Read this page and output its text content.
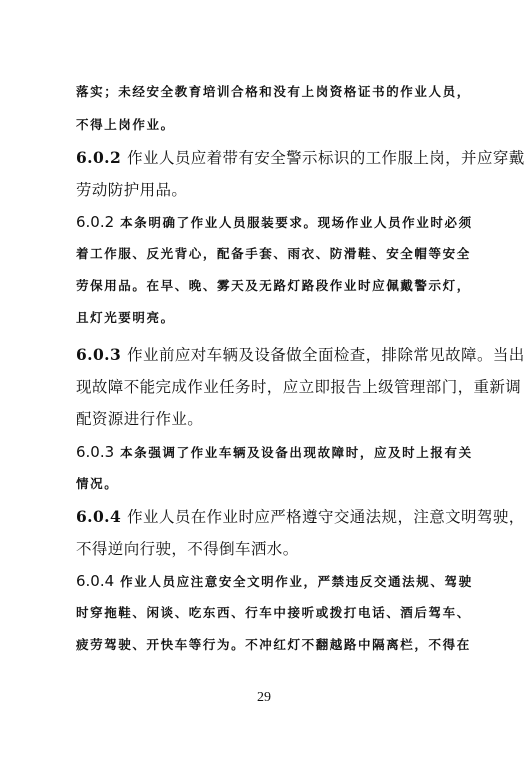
落实；未经安全教育培训合格和没有上岗资格证书的作业人员，

不得上岗作业。

6.0.2 作业人员应着带有安全警示标识的工作服上岗，并应穿戴

劳动防护用品。

6.0.2 本条明确了作业人员服装要求。现场作业人员作业时必须

着工作服、反光背心，配备手套、雨衣、防滑鞋、安全帽等安全

劳保用品。在早、晚、雾天及无路灯路段作业时应佩戴警示灯，

且灯光要明亮。

6.0.3 作业前应对车辆及设备做全面检查，排除常见故障。当出

现故障不能完成作业任务时，应立即报告上级管理部门，重新调

配资源进行作业。

6.0.3 本条强调了作业车辆及设备出现故障时，应及时上报有关

情况。

6.0.4 作业人员在作业时应严格遵守交通法规，注意文明驾驶，

不得逆向行驶，不得倒车洒水。

6.0.4 作业人员应注意安全文明作业，严禁违反交通法规、驾驶

时穿拖鞋、闲谈、吃东西、行车中接听或拨打电话、酒后驾车、

疲劳驾驶、开快车等行为。不冲红灯不翻越路中隔离栏，不得在

29
